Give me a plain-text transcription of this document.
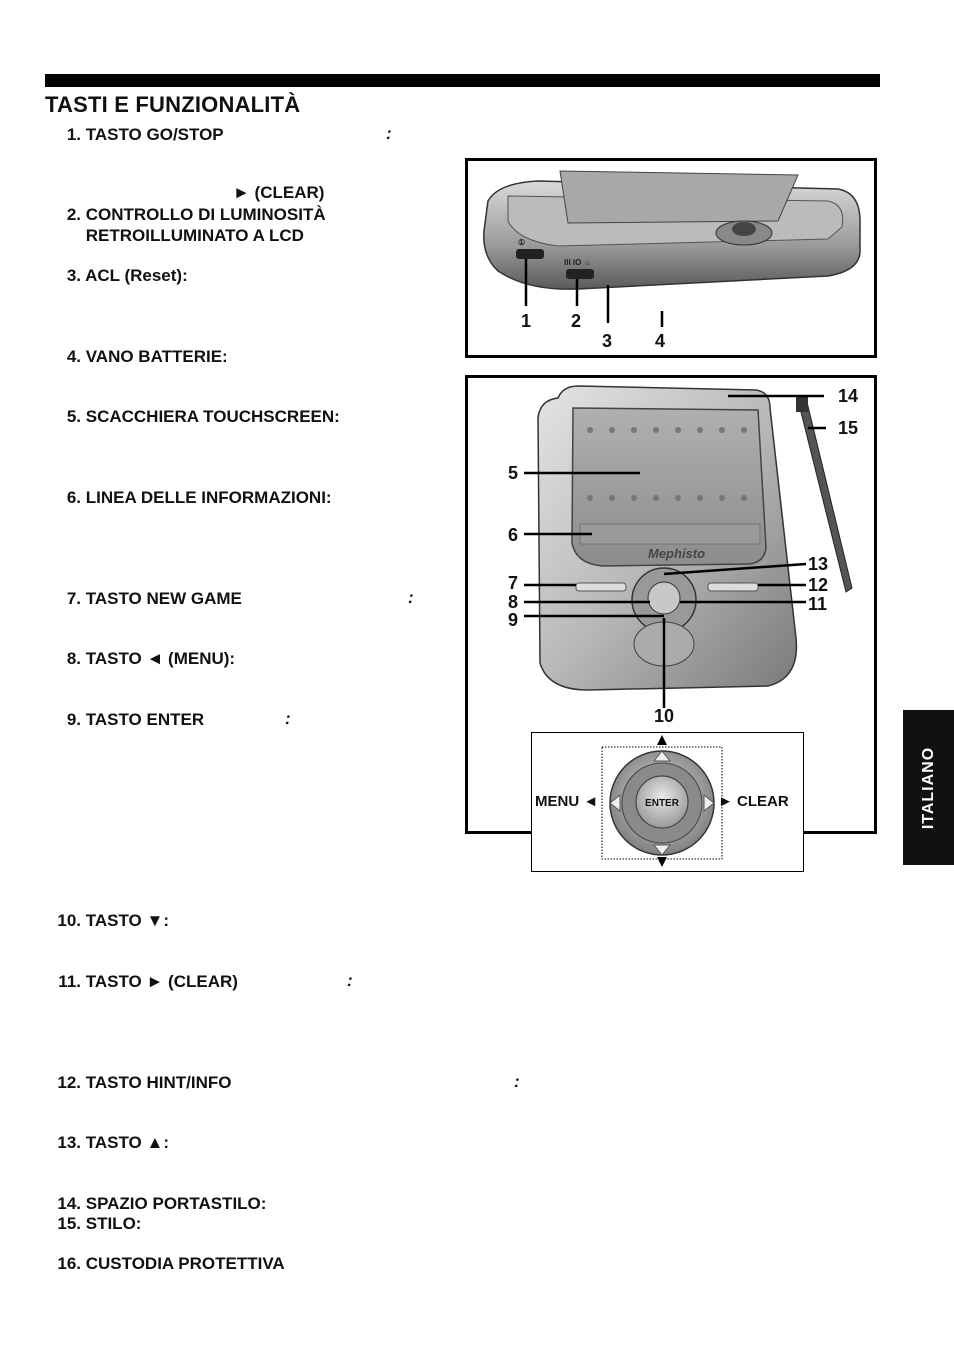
TASTI E FUNZIONALITÀ
1. TASTO GO/STOP	:
► (CLEAR)
2. CONTROLLO DI LUMINOSITÀ
RETROILLUMINATO A LCD
3. ACL (Reset):
4. VANO BATTERIE:
5. SCACCHIERA TOUCHSCREEN:
6. LINEA DELLE INFORMAZIONI:
7. TASTO NEW GAME	:
8. TASTO ◄ (MENU):
9. TASTO ENTER	:
10. TASTO ▼:
11. TASTO ► (CLEAR)	:
12. TASTO HINT/INFO	:
13. TASTO ▲:
14. SPAZIO PORTASTILO:
15. STILO:
16. CUSTODIA PROTETTIVA
ITALIANO
①
III IO ☼
1 2
3 4
Mephisto
14
15
5
6
7
8
9
10
11
12
13
ENTER
MENU ◄	► CLEAR
